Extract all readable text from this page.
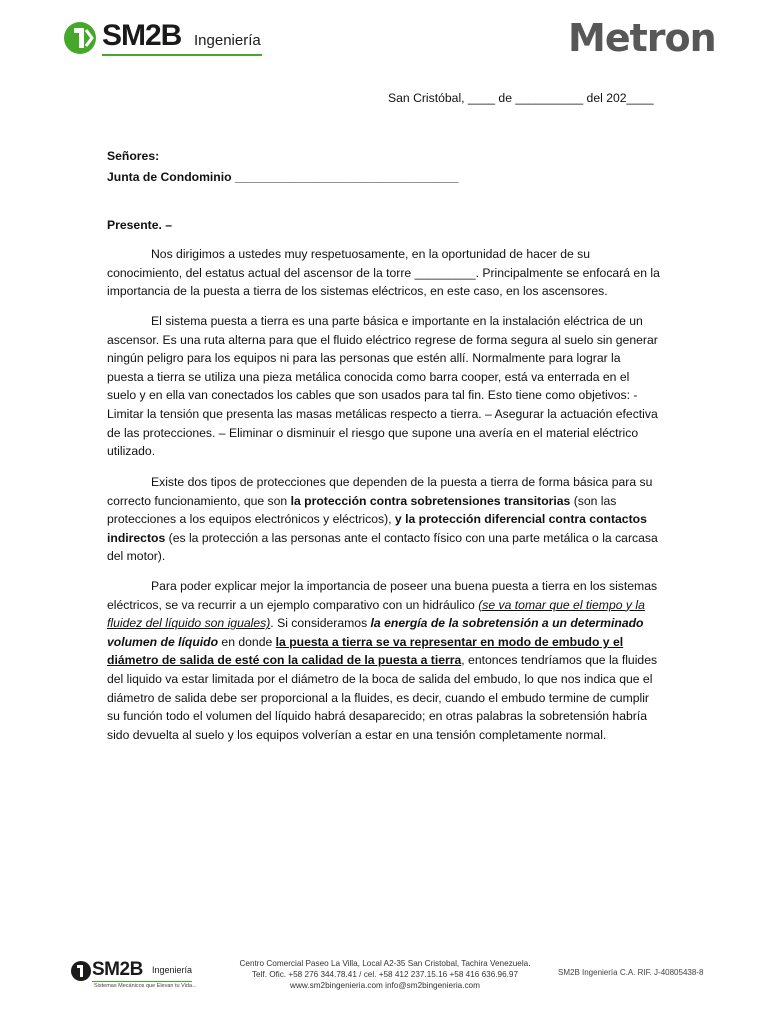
SM2B Ingeniería	Metron
San Cristóbal, ____ de __________ del 202____
Señores:
Junta de Condominio _________________________________
Presente. –
Nos dirigimos a ustedes muy respetuosamente, en la oportunidad de hacer de su conocimiento, del estatus actual del ascensor de la torre _________. Principalmente se enfocará en la importancia de la puesta a tierra de los sistemas eléctricos, en este caso, en los ascensores.
El sistema puesta a tierra es una parte básica e importante en la instalación eléctrica de un ascensor. Es una ruta alterna para que el fluido eléctrico regrese de forma segura al suelo sin generar ningún peligro para los equipos ni para las personas que estén allí. Normalmente para lograr la puesta a tierra se utiliza una pieza metálica conocida como barra cooper, está va enterrada en el suelo y en ella van conectados los cables que son usados para tal fin. Esto tiene como objetivos: - Limitar la tensión que presenta las masas metálicas respecto a tierra. – Asegurar la actuación efectiva de las protecciones. – Eliminar o disminuir el riesgo que supone una avería en el material eléctrico utilizado.
Existe dos tipos de protecciones que dependen de la puesta a tierra de forma básica para su correcto funcionamiento, que son la protección contra sobretensiones transitorias (son las protecciones a los equipos electrónicos y eléctricos), y la protección diferencial contra contactos indirectos (es la protección a las personas ante el contacto físico con una parte metálica o la carcasa del motor).
Para poder explicar mejor la importancia de poseer una buena puesta a tierra en los sistemas eléctricos, se va recurrir a un ejemplo comparativo con un hidráulico (se va tomar que el tiempo y la fluidez del líquido son iguales). Si consideramos la energía de la sobretensión a un determinado volumen de líquido en donde la puesta a tierra se va representar en modo de embudo y el diámetro de salida de esté con la calidad de la puesta a tierra, entonces tendríamos que la fluides del liquido va estar limitada por el diámetro de la boca de salida del embudo, lo que nos indica que el diámetro de salida debe ser proporcional a la fluides, es decir, cuando el embudo termine de cumplir su función todo el volumen del líquido habrá desaparecido; en otras palabras la sobretensión habría sido devuelta al suelo y los equipos volverían a estar en una tensión completamente normal.
SM2B Ingeniería
Sistemas Mecánicos que Elevan tu Vida...
Centro Comercial Paseo La Villa, Local A2-35 San Cristobal, Tachira Venezuela.
Telf. Ofic. +58 276 344.78.41 / cel. +58 412 237.15.16 +58 416 636.96.97
www.sm2bingenieria.com info@sm2bingenieria.com
SM2B Ingeniería C.A. RIF. J-40805438-8
